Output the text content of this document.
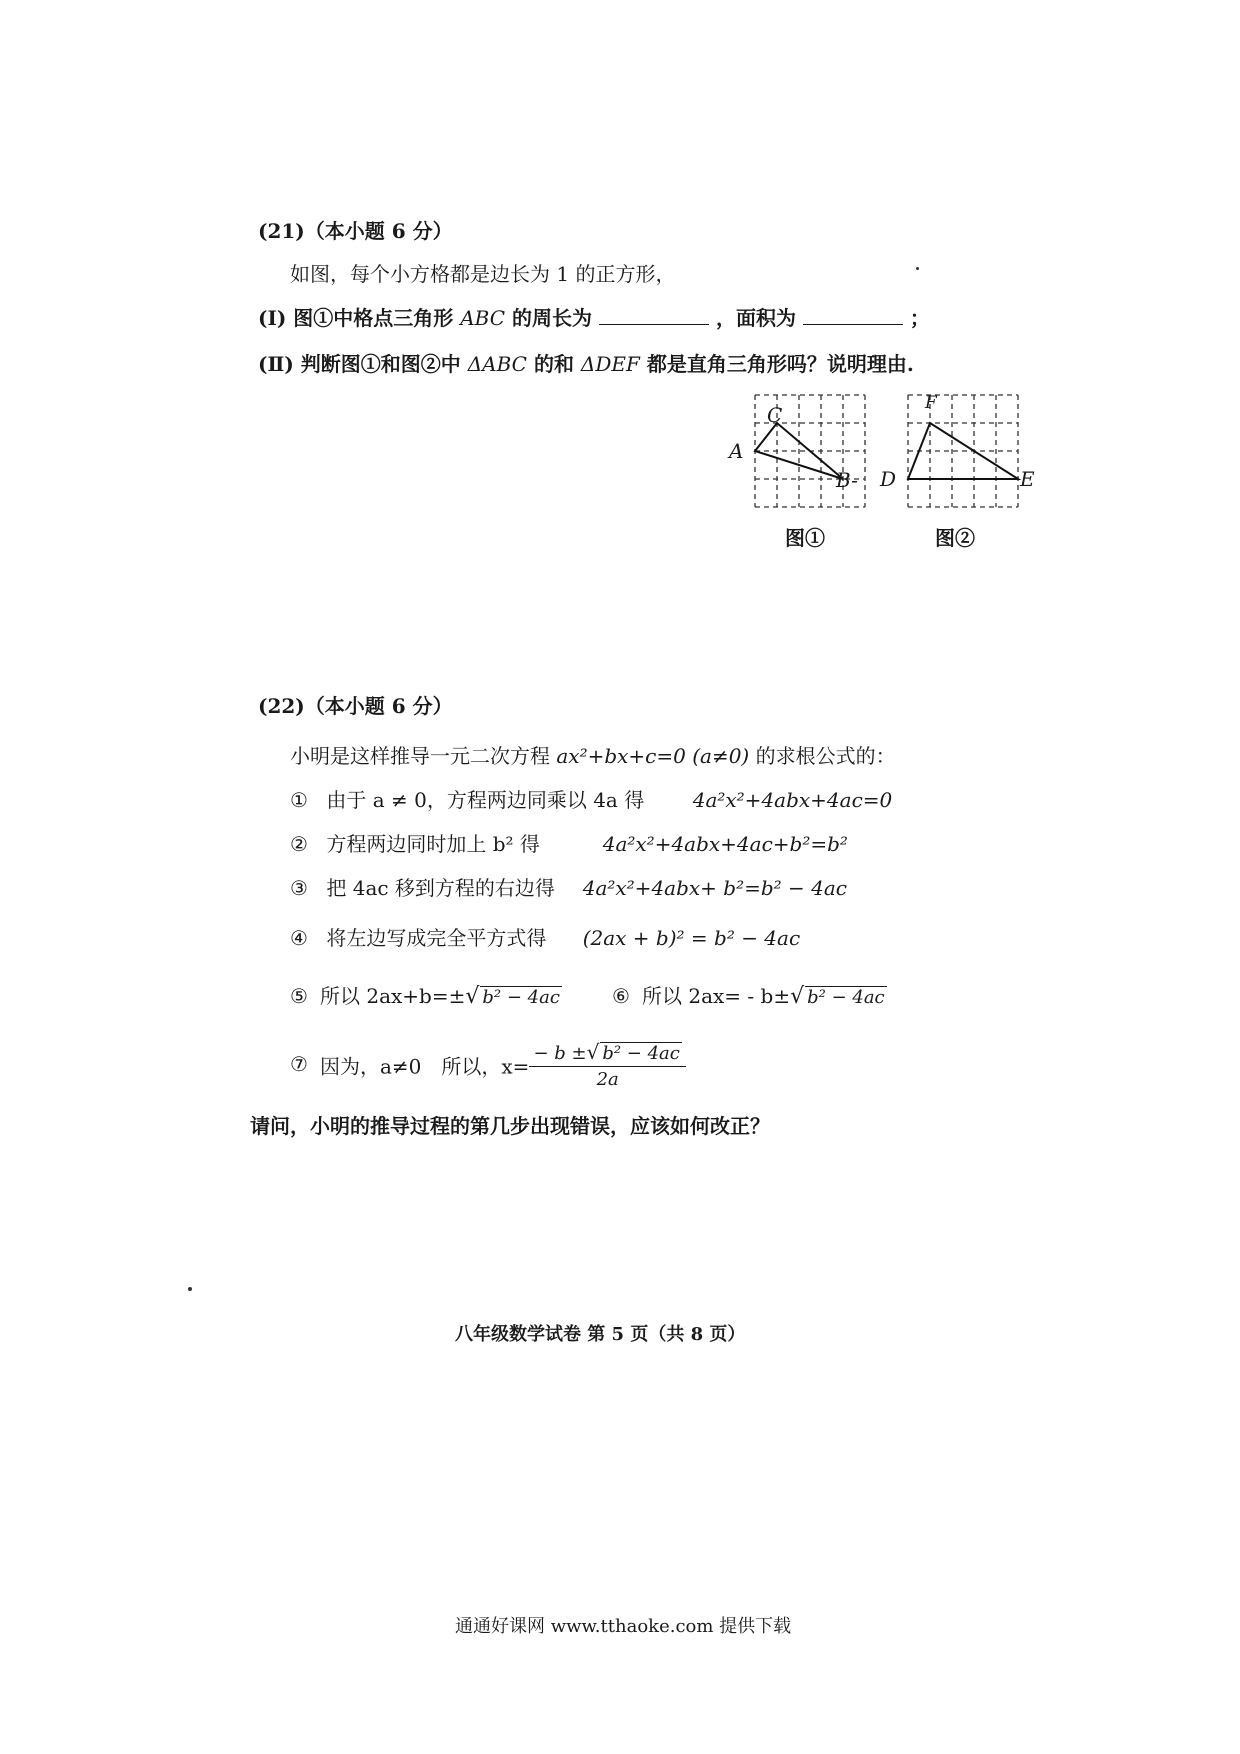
(21)（本小题 6 分）
如图，每个小方格都是边长为 1 的正方形，
(Ⅰ) 图①中格点三角形 ABC 的周长为	，面积为	；
(Ⅱ) 判断图①和图②中 ΔABC 的和 ΔDEF 都是直角三角形吗？说明理由.
A
C
B-
图①
D
F
E
图②
(22)（本小题 6 分）
小明是这样推导一元二次方程 ax²+bx+c=0 (a≠0) 的求根公式的：
① 由于 a ≠ 0，方程两边同乘以 4a 得 4a²x²+4abx+4ac=0
② 方程两边同时加上 b² 得	4a²x²+4abx+4ac+b²=b²
③ 把 4ac 移到方程的右边得 4a²x²+4abx+ b²=b² − 4ac
④ 将左边写成完全平方式得 (2ax + b)² = b² − 4ac
⑤ 所以 2ax+b=±√ b² − 4ac	⑥ 所以 2ax= - b±√ b² − 4ac
⑦ 因为，a≠0　所以，$x= \frac{\text{− b ±√ b² − 4ac}}{2a}$
请问，小明的推导过程的第几步出现错误，应该如何改正？
八年级数学试卷 第 5 页（共 8 页）
通通好课网 www.tthaoke.com 提供下载
